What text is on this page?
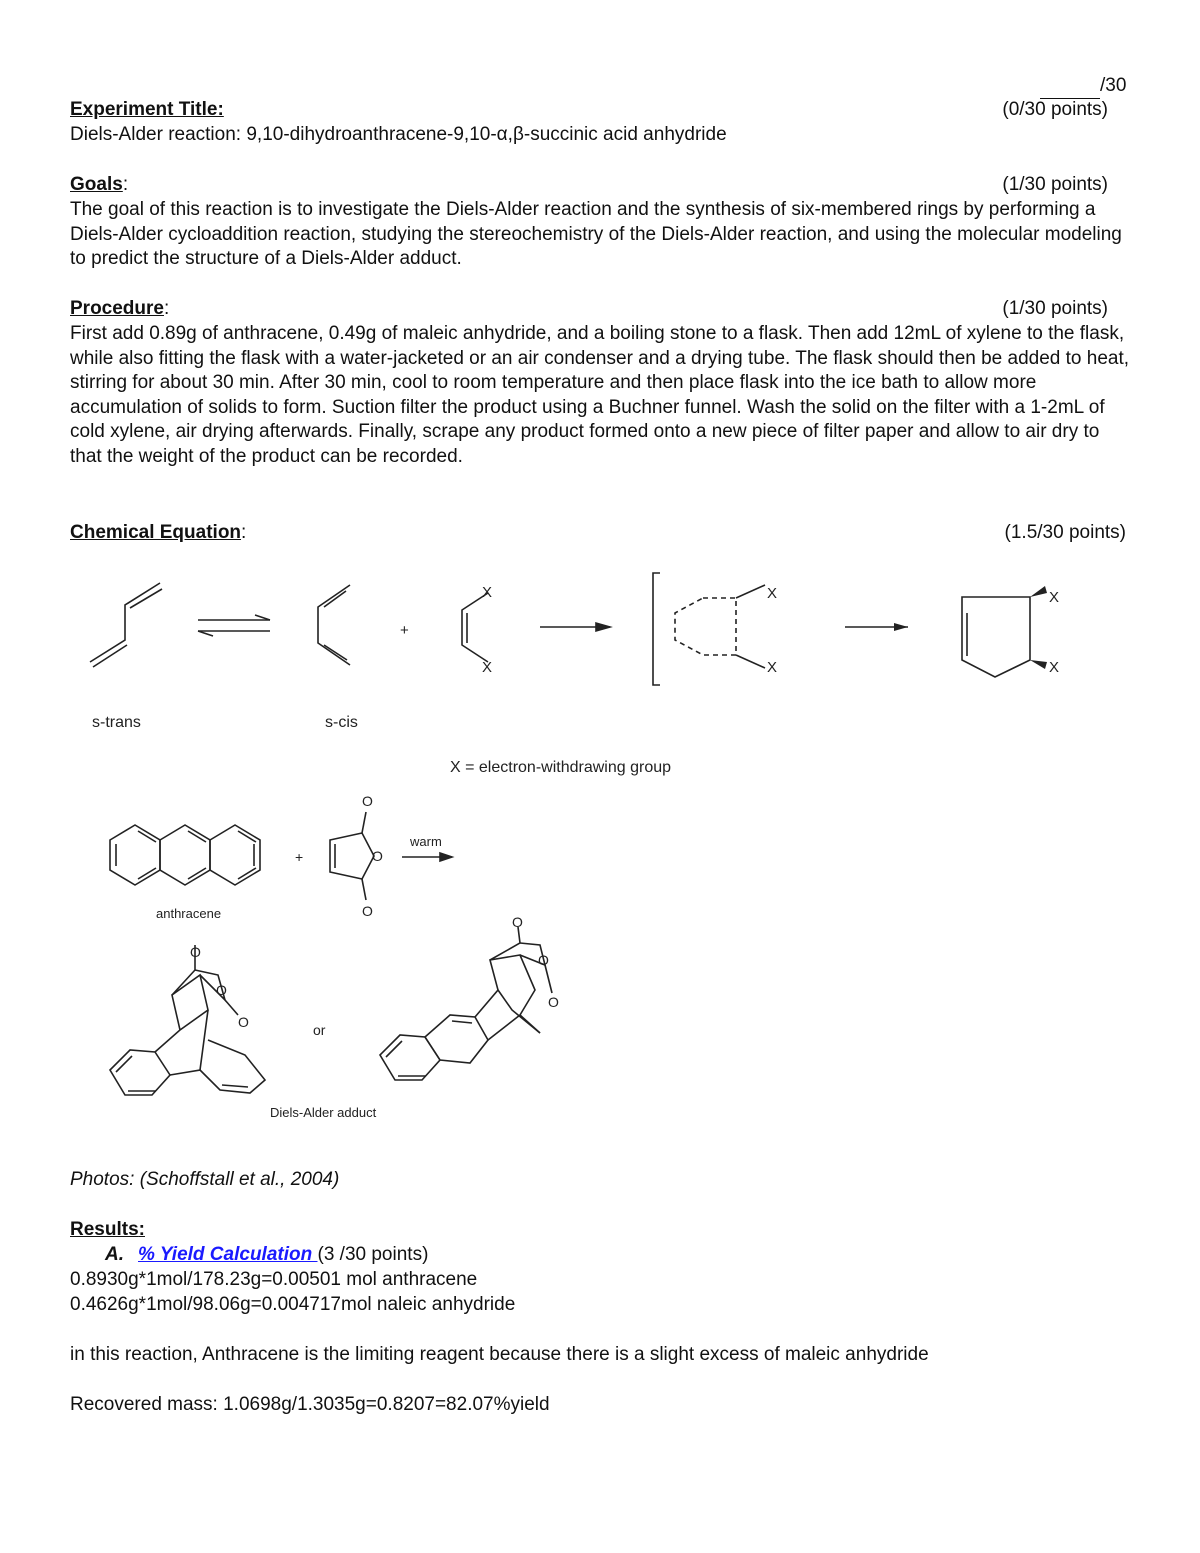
/30
Experiment Title:	(0/30 points)
Diels-Alder reaction: 9,10-dihydroanthracene-9,10-α,β-succinic acid anhydride
Goals:	(1/30 points)
The goal of this reaction is to investigate the Diels-Alder reaction and the synthesis of six-membered rings by performing a Diels-Alder cycloaddition reaction, studying the stereochemistry of the Diels-Alder reaction, and using the molecular modeling to predict the structure of a Diels-Alder adduct.
Procedure:	(1/30 points)
First add 0.89g of anthracene, 0.49g of maleic anhydride, and a boiling stone to a flask. Then add 12mL of xylene to the flask, while also fitting the flask with a water-jacketed or an air condenser and a drying tube. The flask should then be added to heat, stirring for about 30 min. After 30 min, cool to room temperature and then place flask into the ice bath to allow more accumulation of solids to form. Suction filter the product using a Buchner funnel. Wash the solid on the filter with a 1-2mL of cold xylene, air drying afterwards. Finally, scrape any product formed onto a new piece of filter paper and allow to air dry to that the weight of the product can be recorded.
Chemical Equation:	(1.5/30 points)
X
X
+
X
X
s-trans	s-cis
X = electron-withdrawing group
X
X
O
O
O
+
warm
anthracene
O
O
O
O
O
O
or
Diels-Alder adduct
Photos: (Schoffstall et al., 2004)
Results:
A. % Yield Calculation (3 /30 points)
0.8930g*1mol/178.23g=0.00501 mol anthracene
0.4626g*1mol/98.06g=0.004717mol naleic anhydride
in this reaction, Anthracene is the limiting reagent because there is a slight excess of maleic anhydride
Recovered mass: 1.0698g/1.3035g=0.8207=82.07%yield
